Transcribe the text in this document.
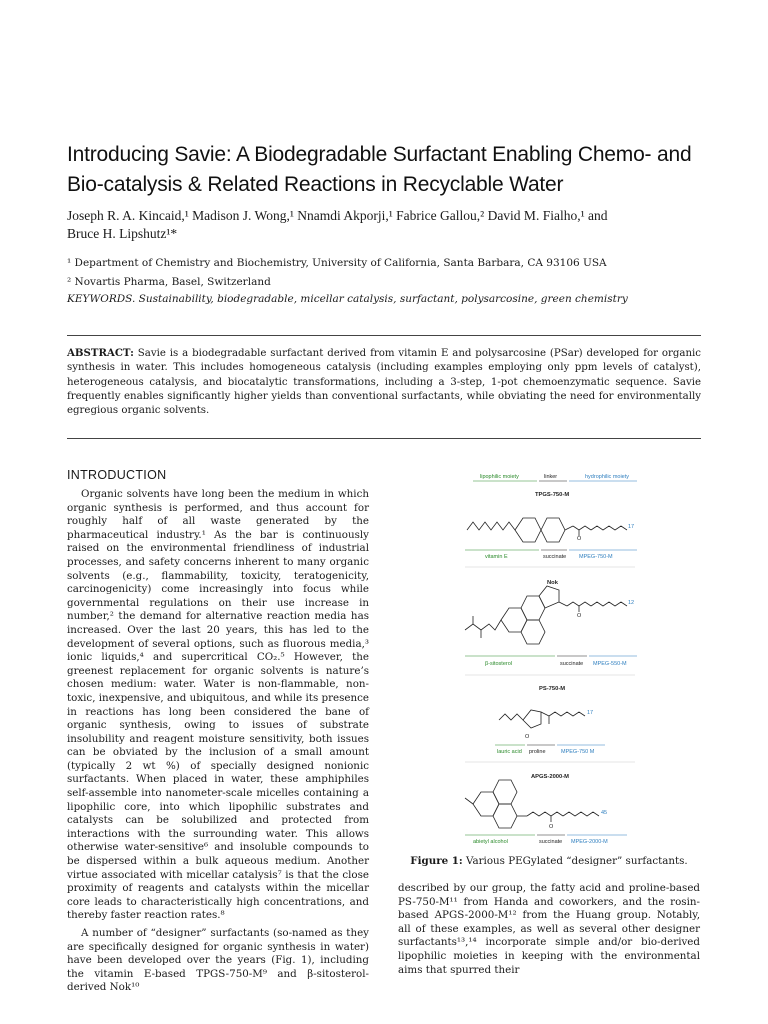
Introducing Savie: A Biodegradable Surfactant Enabling Chemo- and
Bio-catalysis & Related Reactions in Recyclable Water
Joseph R. A. Kincaid,¹ Madison J. Wong,¹ Nnamdi Akporji,¹ Fabrice Gallou,² David M. Fialho,¹ and
Bruce H. Lipshutz¹*
¹ Department of Chemistry and Biochemistry, University of California, Santa Barbara, CA 93106 USA
² Novartis Pharma, Basel, Switzerland
KEYWORDS. Sustainability, biodegradable, micellar catalysis, surfactant, polysarcosine, green chemistry
ABSTRACT: Savie is a biodegradable surfactant derived from vitamin E and polysarcosine (PSar) developed for organic synthesis in water. This includes homogeneous catalysis (including examples employing only ppm levels of catalyst), heterogeneous catalysis, and biocatalytic transformations, including a 3-step, 1-pot chemoenzymatic sequence. Savie frequently enables significantly higher yields than conventional surfactants, while obviating the need for environmentally egregious organic solvents.
INTRODUCTION

Organic solvents have long been the medium in which organic synthesis is performed, and thus account for roughly half of all waste generated by the pharmaceutical industry.¹ As the bar is continuously raised on the environmental friendliness of industrial processes, and safety concerns inherent to many organic solvents (e.g., flammability, toxicity, teratogenicity, carcinogenicity) come increasingly into focus while governmental regulations on their use increase in number,² the demand for alternative reaction media has increased. Over the last 20 years, this has led to the development of several options, such as fluorous media,³ ionic liquids,⁴ and supercritical CO₂.⁵ However, the greenest replacement for organic solvents is nature’s chosen medium: water. Water is non-flammable, non-toxic, inexpensive, and ubiquitous, and while its presence in reactions has long been considered the bane of organic synthesis, owing to issues of substrate insolubility and reagent moisture sensitivity, both issues can be obviated by the inclusion of a small amount (typically 2 wt %) of specially designed nonionic surfactants. When placed in water, these amphiphiles self-assemble into nanometer-scale micelles containing a lipophilic core, into which lipophilic substrates and catalysts can be solubilized and protected from interactions with the surrounding water. This allows otherwise water-sensitive⁶ and insoluble compounds to be dispersed within a bulk aqueous medium. Another virtue associated with micellar catalysis⁷ is that the close proximity of reagents and catalysts within the micellar core leads to characteristically high concentrations, and thereby faster reaction rates.⁸

A number of “designer” surfactants (so-named as they are specifically designed for organic synthesis in water) have been developed over the years (Fig. 1), including the vitamin E-based TPGS-750-M⁹ and β-sitosterol-derived Nok¹⁰

lipophilic moiety	linker	hydrophilic moiety
TPGS-750-M
O
17
vitamin E	succinate MPEG-750-M
Nok
O
12
β-sitosterol	succinate MPEG-550-M
PS-750-M
O
17
lauric acid proline	MPEG-750 M
APGS-2000-M
O
45
abietyl alcohol	succinate MPEG-2000-M
Figure 1: Various PEGylated “designer” surfactants.

described by our group, the fatty acid and proline-based PS-750-M¹¹ from Handa and coworkers, and the rosin-based APGS-2000-M¹² from the Huang group. Notably, all of these examples, as well as several other designer surfactants¹³,¹⁴ incorporate simple and/or bio-derived lipophilic moieties in keeping with the environmental aims that spurred their
